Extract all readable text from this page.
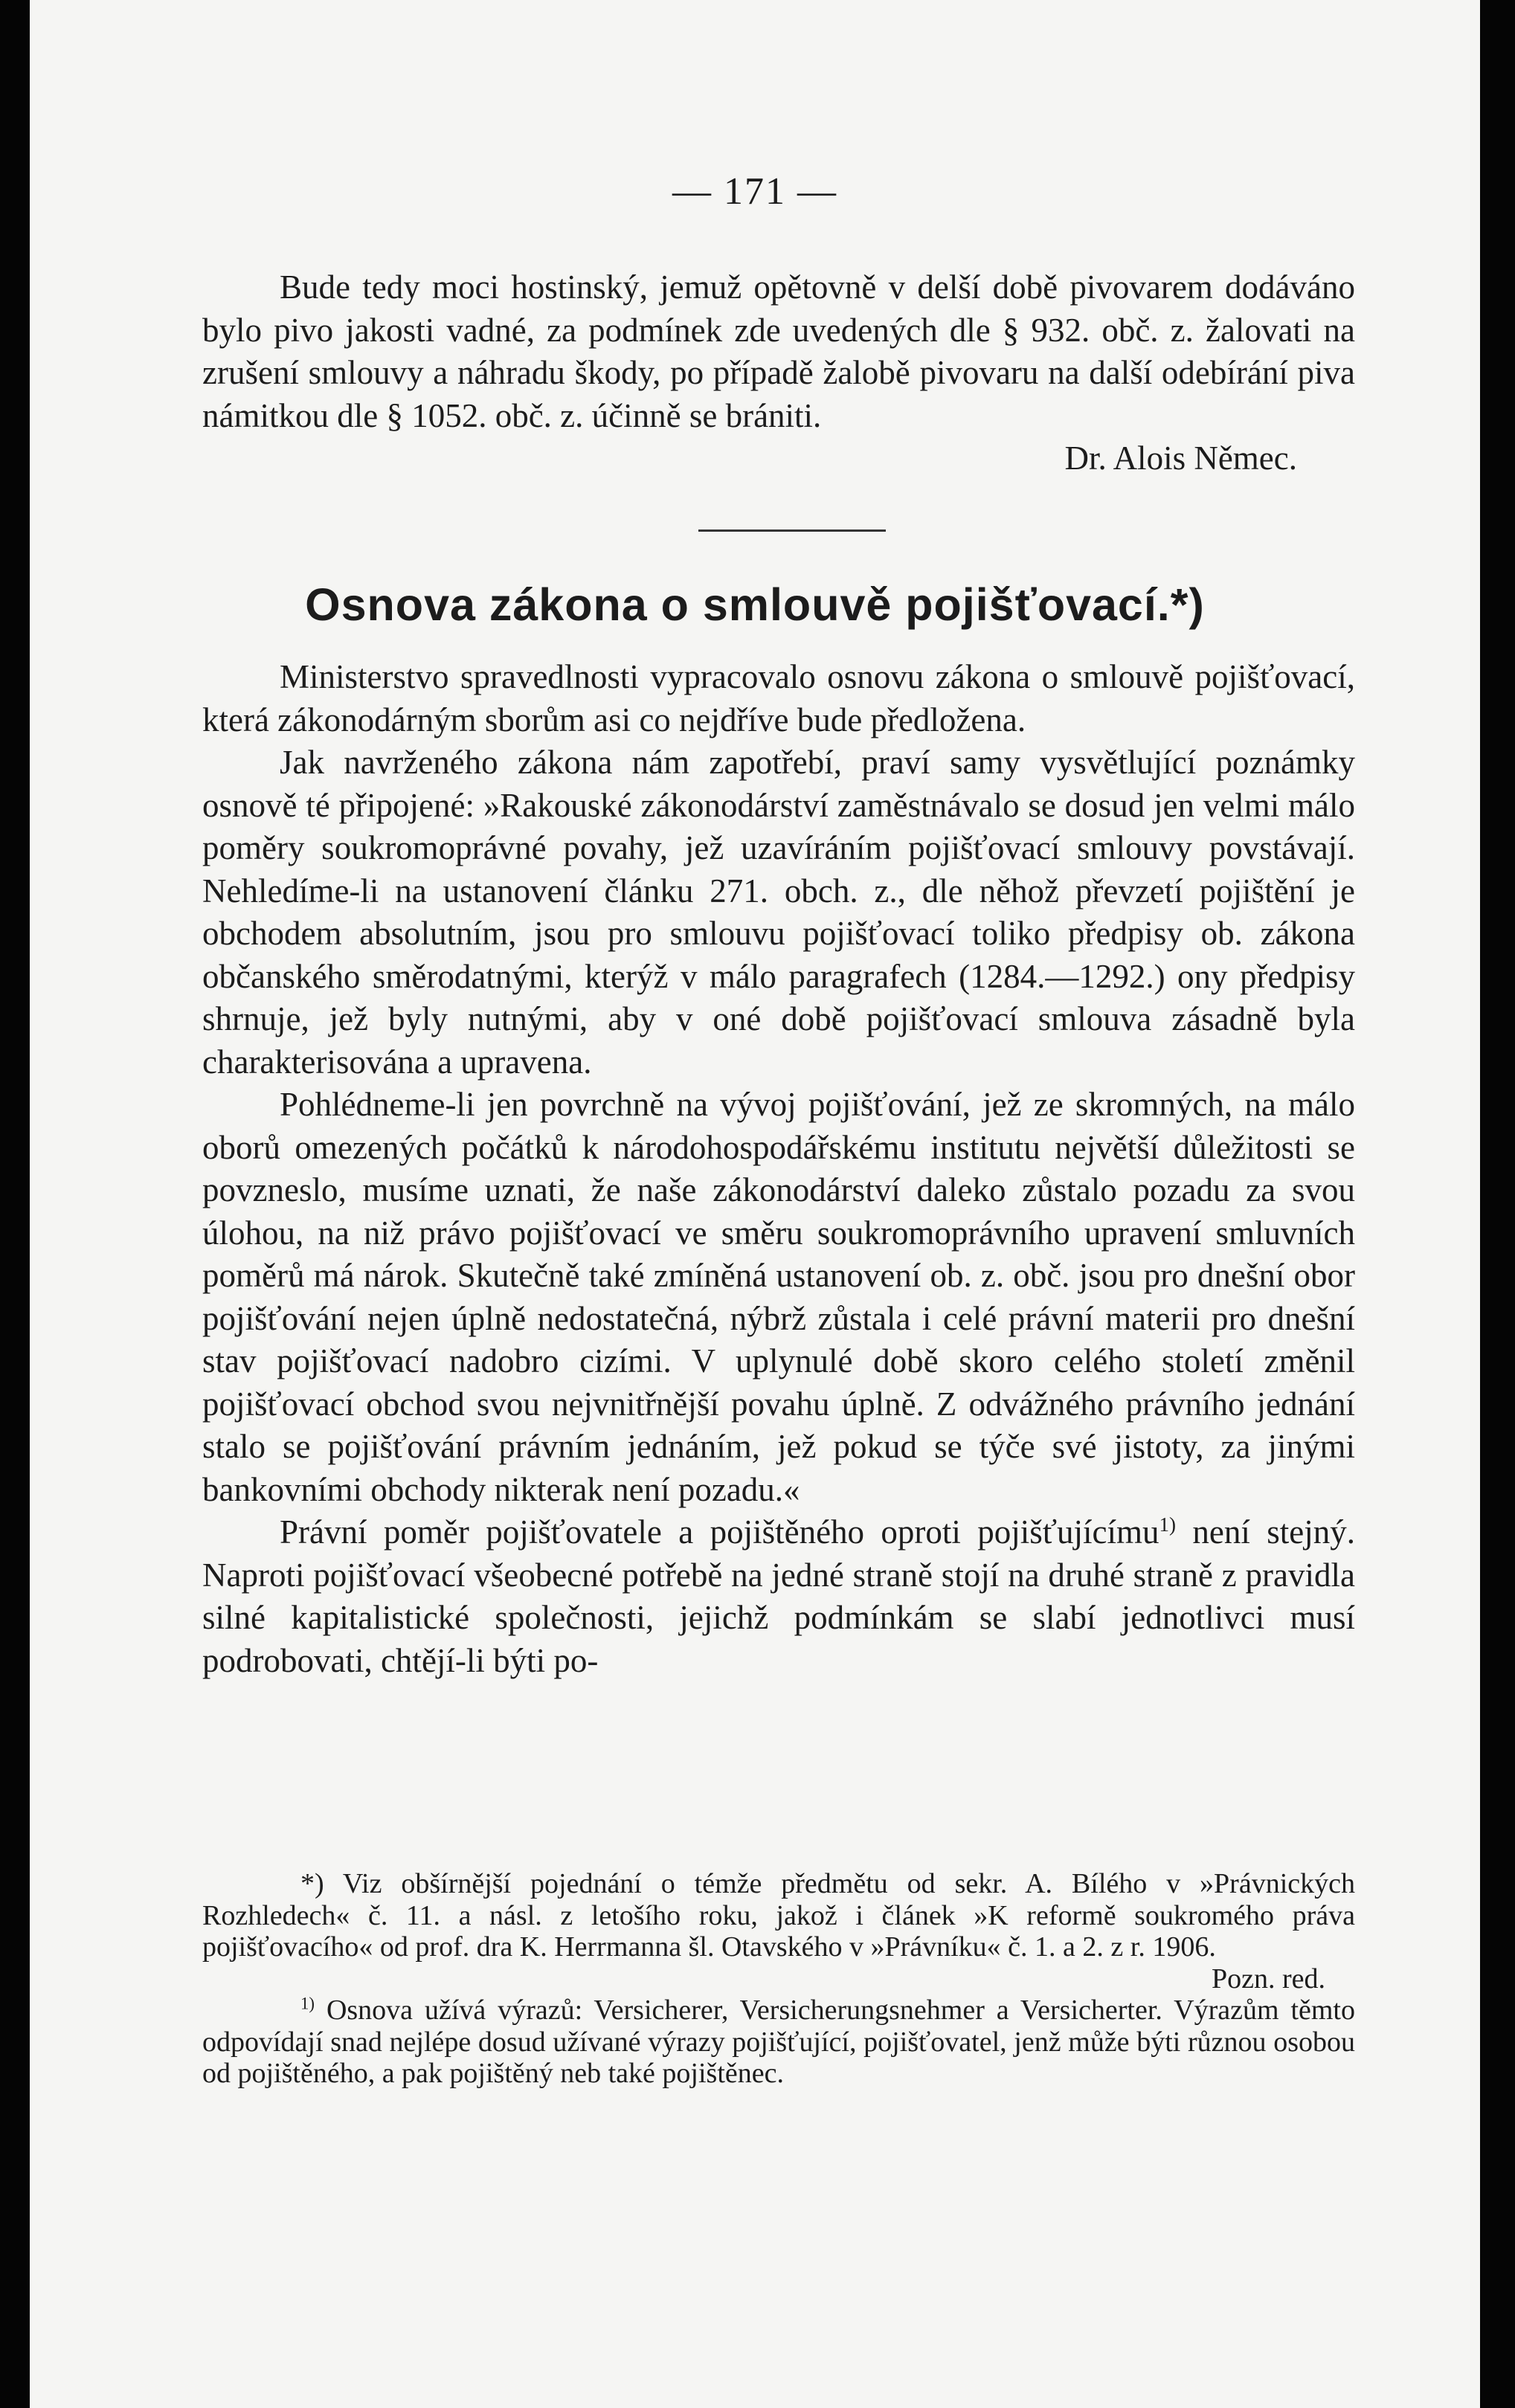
— 171 —

Bude tedy moci hostinský, jemuž opětovně v delší době pivovarem dodáváno bylo pivo jakosti vadné, za podmínek zde uvedených dle § 932. obč. z. žalovati na zrušení smlouvy a náhradu škody, po případě žalobě pivovaru na další odebírání piva námitkou dle § 1052. obč. z. účinně se brániti.

Dr. Alois Němec.
Osnova zákona o smlouvě pojišťovací.*)

Ministerstvo spravedlnosti vypracovalo osnovu zákona o smlouvě pojišťovací, která zákonodárným sborům asi co nejdříve bude předložena.

Jak navrženého zákona nám zapotřebí, praví samy vysvětlující poznámky osnově té připojené: »Rakouské zákonodárství zaměstnávalo se dosud jen velmi málo poměry soukromoprávné povahy, jež uzavíráním pojišťovací smlouvy povstávají. Nehledíme-li na ustanovení článku 271. obch. z., dle něhož převzetí pojištění je obchodem absolutním, jsou pro smlouvu pojišťovací toliko předpisy ob. zákona občanského směrodatnými, kterýž v málo paragrafech (1284.—1292.) ony předpisy shrnuje, jež byly nutnými, aby v oné době pojišťovací smlouva zásadně byla charakterisována a upravena.

Pohlédneme-li jen povrchně na vývoj pojišťování, jež ze skromných, na málo oborů omezených počátků k národohospodářskému institutu největší důležitosti se povzneslo, musíme uznati, že naše zákonodárství daleko zůstalo pozadu za svou úlohou, na niž právo pojišťovací ve směru soukromoprávního upravení smluvních poměrů má nárok. Skutečně také zmíněná ustanovení ob. z. obč. jsou pro dnešní obor pojišťování nejen úplně nedostatečná, nýbrž zůstala i celé právní materii pro dnešní stav pojišťovací nadobro cizími. V uplynulé době skoro celého století změnil pojišťovací obchod svou nejvnitřnější povahu úplně. Z odvážného právního jednání stalo se pojišťování právním jednáním, jež pokud se týče své jistoty, za jinými bankovními obchody nikterak není pozadu.«

Právní poměr pojišťovatele a pojištěného oproti pojišťujícímu$^{1)}$ není stejný. Naproti pojišťovací všeobecné potřebě na jedné straně stojí na druhé straně z pravidla silné kapitalistické společnosti, jejichž podmínkám se slabí jednotlivci musí podrobovati, chtějí-li býti po-

*) Viz obšírnější pojednání o témže předmětu od sekr. A. Bílého v »Právnických Rozhledech« č. 11. a násl. z letošího roku, jakož i článek »K reformě soukromého práva pojišťovacího« od prof. dra K. Herrmanna šl. Otavského v »Právníku« č. 1. a 2. z r. 1906.

Pozn. red.

$^{1)}$ Osnova užívá výrazů: Versicherer, Versicherungsnehmer a Versicherter. Výrazům těmto odpovídají snad nejlépe dosud užívané výrazy pojišťující, pojišťovatel, jenž může býti různou osobou od pojištěného, a pak pojištěný neb také pojištěnec.
